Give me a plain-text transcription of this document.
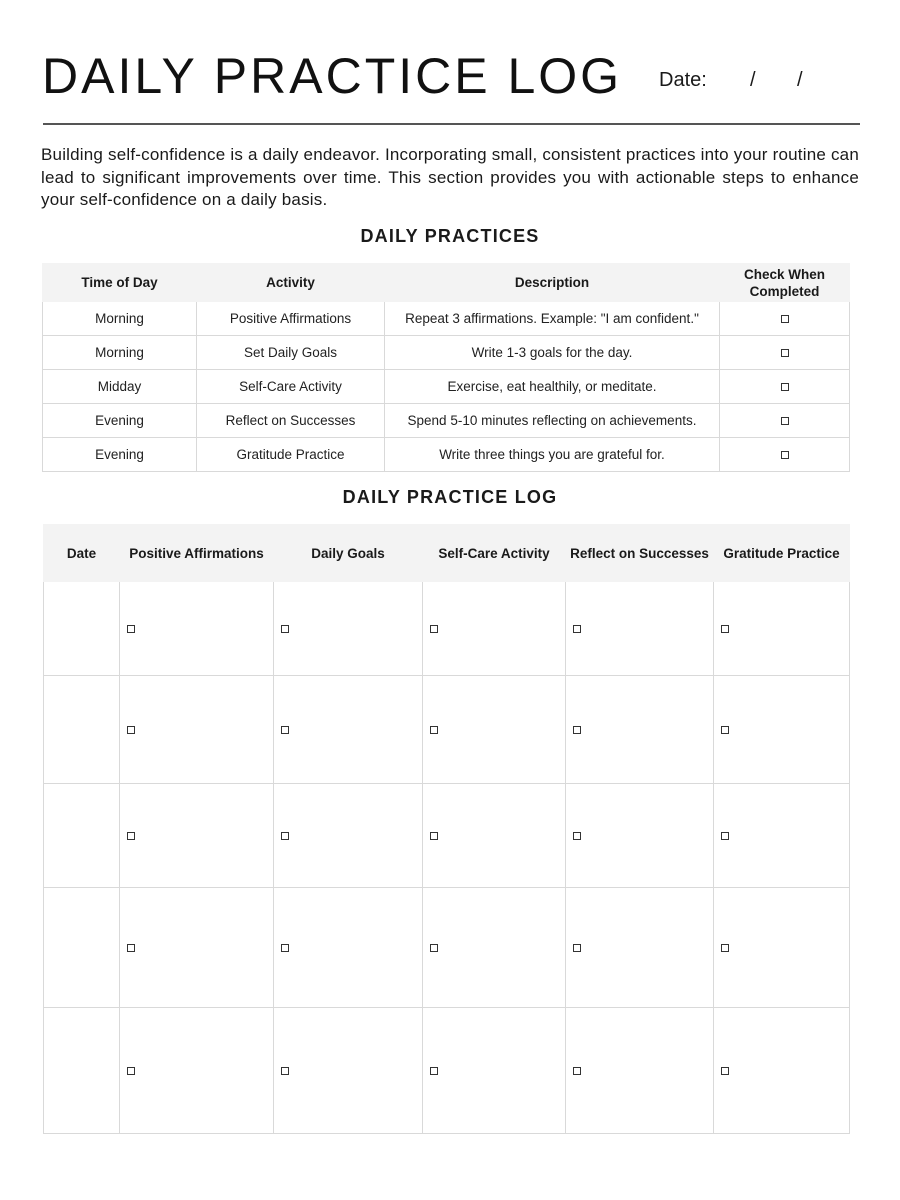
DAILY PRACTICE LOG Date: / /

Building self-confidence is a daily endeavor. Incorporating small, consistent practices into your routine can lead to significant improvements over time. This section provides you with actionable steps to enhance your self-confidence on a daily basis.

DAILY PRACTICES
Time of Day	Activity	Description	Check When Completed
Morning	Positive Affirmations	Repeat 3 affirmations. Example: "I am confident."	
Morning	Set Daily Goals	Write 1-3 goals for the day.	
Midday	Self-Care Activity	Exercise, eat healthily, or meditate.	
Evening	Reflect on Successes	Spend 5-10 minutes reflecting on achievements.	
Evening	Gratitude Practice	Write three things you are grateful for.	
DAILY PRACTICE LOG
Date	Positive Affirmations	Daily Goals	Self-Care Activity	Reflect on Successes	Gratitude Practice
